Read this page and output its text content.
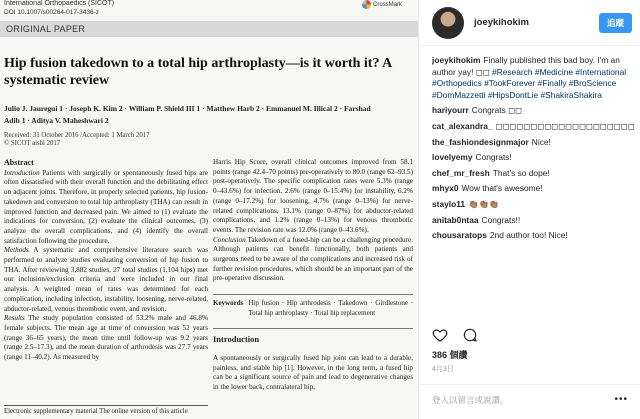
International Orthopaedics (SICOT)
DOI 10.1007/s00264-017-3436-z
CrossMark
ORIGINAL PAPER
Hip fusion takedown to a total hip arthroplasty—is it worth it? A systematic review
Julio J. Jauregui 1 · Joseph K. Kim 2 · William P. Shield III 1 · Matthew Harb 2 · Emmanuel M. Illical 2 · Farshad Adib 1 · Aditya V. Maheshwari 2
Received: 31 October 2016 /Accepted: 1 March 2017
© SICOT aisbl 2017
Abstract

Introduction Patients with surgically or spontaneously fused hips are often dissatisfied with their overall function and the debilitating effect on adjacent joints. Therefore, in properly selected patients, hip fusion-takedown and conversion to total hip arthroplasty (THA) can result in improved function and decreased pain. We aimed to (1) evaluate the indications for conversion, (2) evaluate the clinical outcomes, (3) analyze the overall complications, and (4) identify the overall satisfaction following the procedure.

Methods A systematic and comprehensive literature search was performed to analyze studies evaluating conversion of hip fusion to THA. After reviewing 3,882 studies, 27 total studies (1,104 hips) met our inclusion/exclusion criteria and were included in our final analysis. A weighted mean of rates was determined for each complication, including infection, instability, loosening, nerve-related, abductor-related, venous thrombotic event, and revision.

Results The study population consisted of 53.2% male and 46.8% female subjects. The mean age at time of conversion was 52 years (range 36–65 years), the mean time until follow-up was 9.2 years (range 2.5–17.3), and the mean duration of arthrodesis was 27.7 years (range 11–40.2). As measured by

Harris Hip Score, overall clinical outcomes improved from 58.1 points (range 42.4–70 points) pre-operatively to 80.0 (range 62–93.5) post-operatively. The specific complication rates were 5.3% (range 0–43.6%) for infection, 2.6% (range 0–15.4%) for instability, 6.2% (range 0–17.2%) for loosening, 4.7% (range 0–13%) for nerve-related complications, 13.1% (range 0–87%) for abductor-related complications, and 1.2% (range 0–13%) for venous thrombotic events. The revision rate was 12.0% (range 0–43.6%).

Conclusion Takedown of a fused-hip can be a challenging procedure. Although patients can benefit functionally, both patients and surgeons need to be aware of the complications and increased risk of further revision procedures, which should be an important part of the pre-operative discussion.

Keywords Hip fusion · Hip arthrodesis · Takedown · Girdlestone · Total hip arthroplasty · Total hip replacement
Introduction

A spontaneously or surgically fused hip joint can lead to a durable, painless, and stable hip [1]. However, in the long term, a fused hip can be a significant source of pain and lead to degenerative changes in the lower back, contralateral hip,

Electronic supplementary material The online version of this article
joeykihokim	追蹤
joeykihokim Finally published this bad boy. I'm an author yay! ◻◻ #Research #Medicine #International #Orthopedics #TookForever #Finally #BroScience #DomMazzetti #HipsDontLie #ShakiraShakira
hariyourr Congrats ◻◻
cat_alexandra_ ◻◻◻◻◻◻◻◻◻◻◻◻◻◻◻◻◻◻◻◻
the_fashiondesignmajor Nice!
lovelyemy Congrats!
chef_mr_fresh That's so dope!
mhyx0 Wow that's awesome!
staylo11 👏🏽👏🏽👏🏽
anitab0ntaa Congrats!!
chousaratops 2nd author too! Nice!
386 個讚
4月3日
登入以留言或說讚。
•••
